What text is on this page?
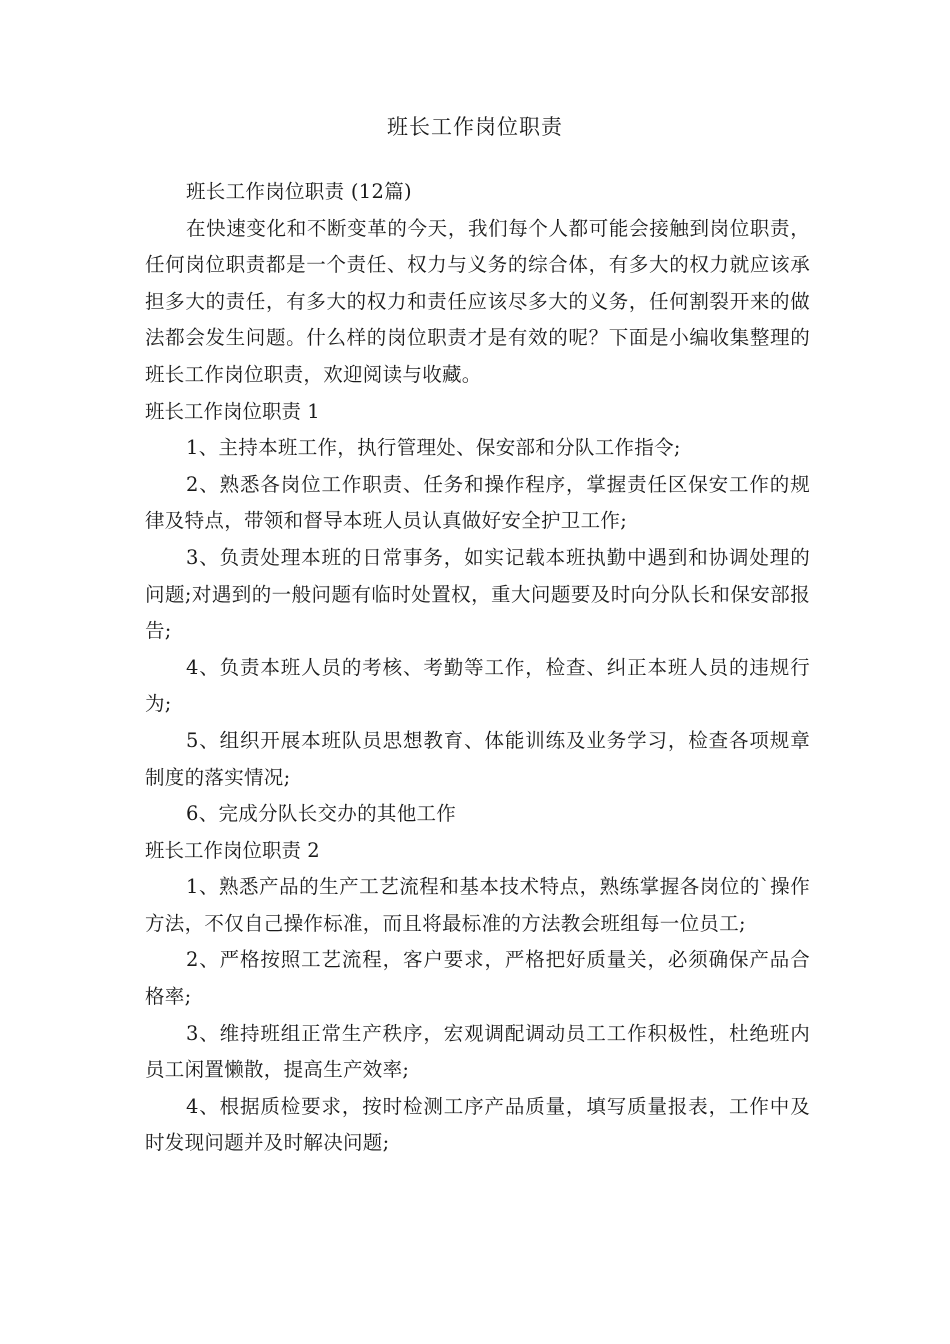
班长工作岗位职责

班长工作岗位职责 (12篇)

在快速变化和不断变革的今天，我们每个人都可能会接触到岗位职责，任何岗位职责都是一个责任、权力与义务的综合体，有多大的权力就应该承担多大的责任，有多大的权力和责任应该尽多大的义务，任何割裂开来的做法都会发生问题。什么样的岗位职责才是有效的呢？下面是小编收集整理的班长工作岗位职责，欢迎阅读与收藏。

班长工作岗位职责 1

1、主持本班工作，执行管理处、保安部和分队工作指令;

2、熟悉各岗位工作职责、任务和操作程序，掌握责任区保安工作的规律及特点，带领和督导本班人员认真做好安全护卫工作;

3、负责处理本班的日常事务，如实记载本班执勤中遇到和协调处理的问题;对遇到的一般问题有临时处置权，重大问题要及时向分队长和保安部报告;

4、负责本班人员的考核、考勤等工作，检查、纠正本班人员的违规行为;

5、组织开展本班队员思想教育、体能训练及业务学习，检查各项规章制度的落实情况;

6、完成分队长交办的其他工作

班长工作岗位职责 2

1、熟悉产品的生产工艺流程和基本技术特点，熟练掌握各岗位的`操作方法，不仅自己操作标准，而且将最标准的方法教会班组每一位员工;

2、严格按照工艺流程，客户要求，严格把好质量关，必须确保产品合格率;

3、维持班组正常生产秩序，宏观调配调动员工工作积极性，杜绝班内员工闲置懒散，提高生产效率;

4、根据质检要求，按时检测工序产品质量，填写质量报表，工作中及时发现问题并及时解决问题;
